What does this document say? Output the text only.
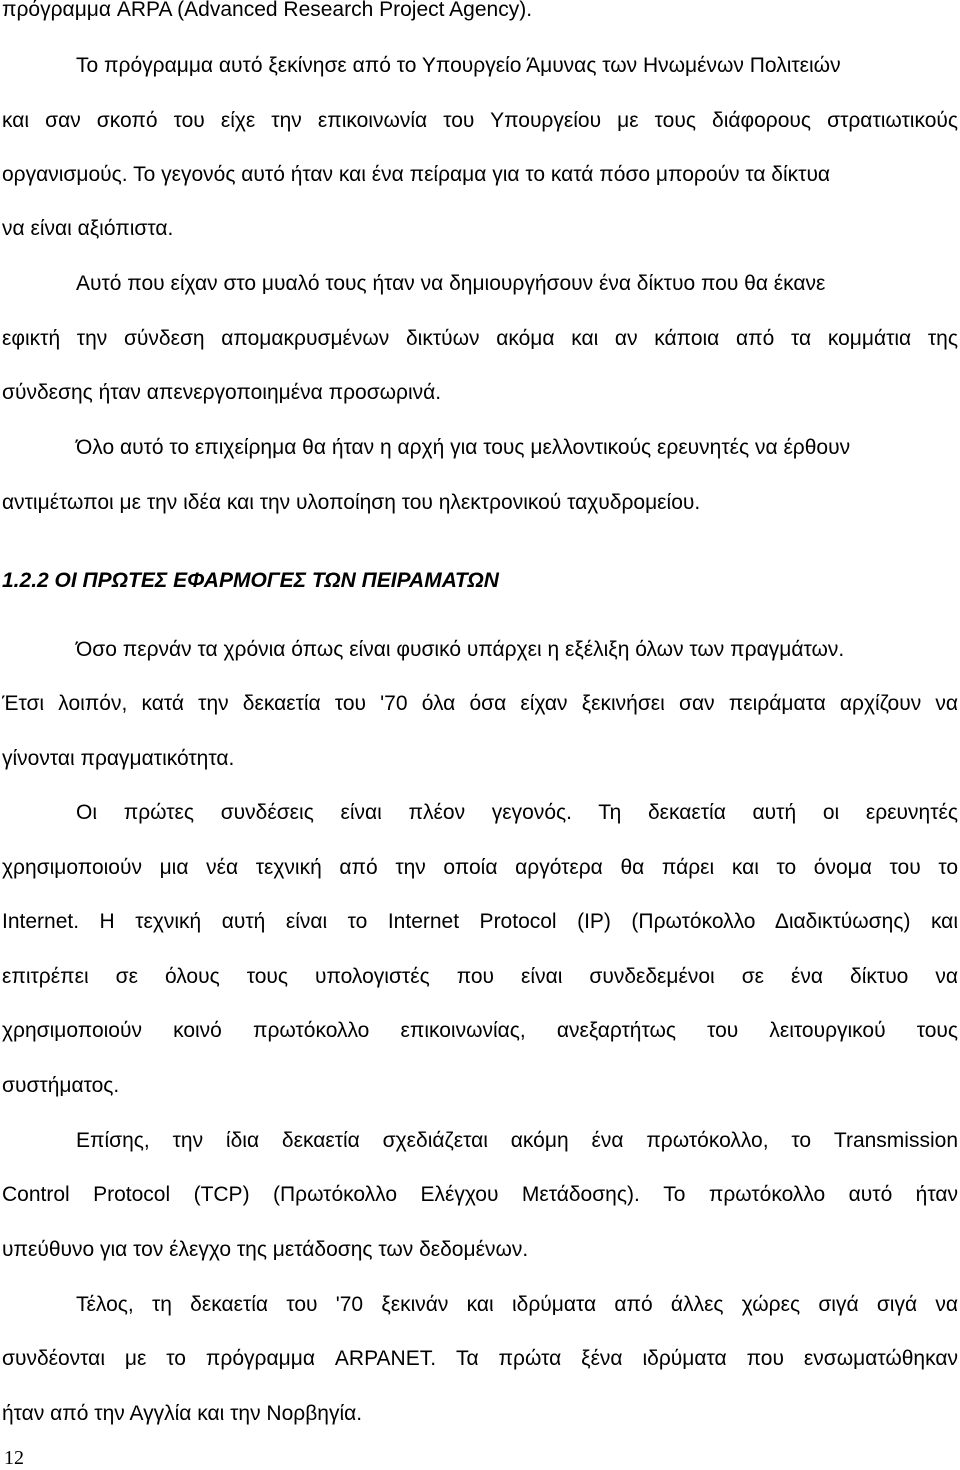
πρόγραμμα ARPA (Advanced Research Project Agency).

Το πρόγραμμα αυτό ξεκίνησε από το Υπουργείο Άμυνας των Ηνωμένων Πολιτειών

και σαν σκοπό του είχε την επικοινωνία του Υπουργείου με τους διάφορους στρατιωτικούς

οργανισμούς. Το γεγονός αυτό ήταν και ένα πείραμα για το κατά πόσο μπορούν τα δίκτυα

να είναι αξιόπιστα.

Αυτό που είχαν στο μυαλό τους ήταν να δημιουργήσουν ένα δίκτυο που θα έκανε

εφικτή την σύνδεση απομακρυσμένων δικτύων ακόμα και αν κάποια από τα κομμάτια της

σύνδεσης ήταν απενεργοποιημένα προσωρινά.

Όλο αυτό το επιχείρημα θα ήταν η αρχή για τους μελλοντικούς ερευνητές να έρθουν

αντιμέτωποι με την ιδέα και την υλοποίηση του ηλεκτρονικού ταχυδρομείου.

1.2.2 ΟΙ ΠΡΩΤΕΣ ΕΦΑΡΜΟΓΕΣ ΤΩΝ ΠΕΙΡΑΜΑΤΩΝ

Όσο περνάν τα χρόνια όπως είναι φυσικό υπάρχει η εξέλιξη όλων των πραγμάτων.

Έτσι λοιπόν, κατά την δεκαετία του '70 όλα όσα είχαν ξεκινήσει σαν πειράματα αρχίζουν να

γίνονται πραγματικότητα.

Οι πρώτες συνδέσεις είναι πλέον γεγονός. Τη δεκαετία αυτή οι ερευνητές

χρησιμοποιούν μια νέα τεχνική από την οποία αργότερα θα πάρει και το όνομα του το

Internet. Η τεχνική αυτή είναι το Internet Protocol (IP) (Πρωτόκολλο Διαδικτύωσης) και

επιτρέπει σε όλους τους υπολογιστές που είναι συνδεδεμένοι σε ένα δίκτυο να

χρησιμοποιούν κοινό πρωτόκολλο επικοινωνίας, ανεξαρτήτως του λειτουργικού τους

συστήματος.

Επίσης, την ίδια δεκαετία σχεδιάζεται ακόμη ένα πρωτόκολλο, το Transmission

Control Protocol (TCP) (Πρωτόκολλο Ελέγχου Μετάδοσης). Το πρωτόκολλο αυτό ήταν

υπεύθυνο για τον έλεγχο της μετάδοσης των δεδομένων.

Τέλος, τη δεκαετία του '70 ξεκινάν και ιδρύματα από άλλες χώρες σιγά σιγά να

συνδέονται με το πρόγραμμα ARPANET. Τα πρώτα ξένα ιδρύματα που ενσωματώθηκαν

ήταν από την Αγγλία και την Νορβηγία.

12
